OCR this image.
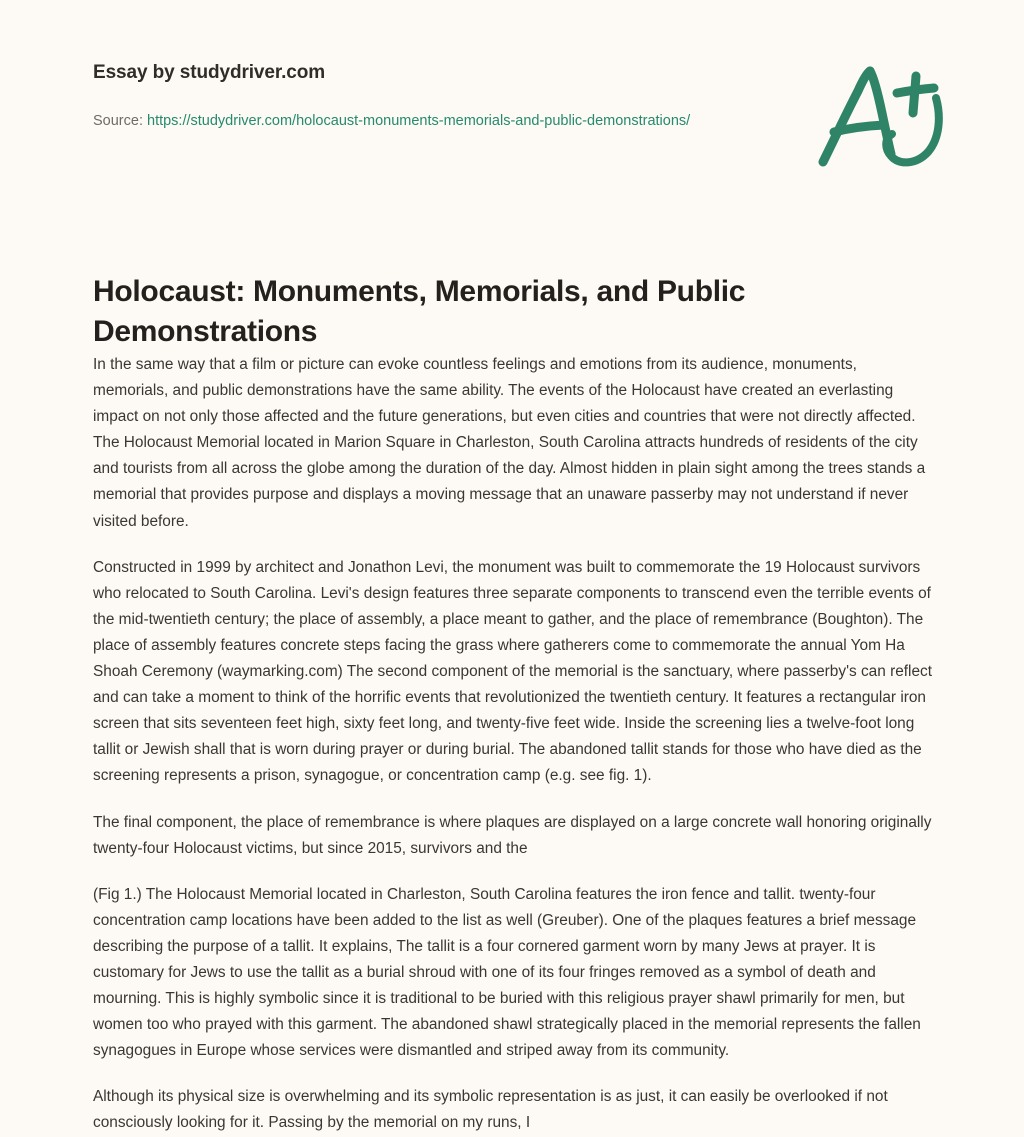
Essay by studydriver.com
Source: https://studydriver.com/holocaust-monuments-memorials-and-public-demonstrations/
Holocaust: Monuments, Memorials, and Public Demonstrations

In the same way that a film or picture can evoke countless feelings and emotions from its audience, monuments, memorials, and public demonstrations have the same ability. The events of the Holocaust have created an everlasting impact on not only those affected and the future generations, but even cities and countries that were not directly affected. The Holocaust Memorial located in Marion Square in Charleston, South Carolina attracts hundreds of residents of the city and tourists from all across the globe among the duration of the day. Almost hidden in plain sight among the trees stands a memorial that provides purpose and displays a moving message that an unaware passerby may not understand if never visited before.

Constructed in 1999 by architect and Jonathon Levi, the monument was built to commemorate the 19 Holocaust survivors who relocated to South Carolina. Levi's design features three separate components to transcend even the terrible events of the mid-twentieth century; the place of assembly, a place meant to gather, and the place of remembrance (Boughton). The place of assembly features concrete steps facing the grass where gatherers come to commemorate the annual Yom Ha Shoah Ceremony (waymarking.com) The second component of the memorial is the sanctuary, where passerby's can reflect and can take a moment to think of the horrific events that revolutionized the twentieth century. It features a rectangular iron screen that sits seventeen feet high, sixty feet long, and twenty-five feet wide. Inside the screening lies a twelve-foot long tallit or Jewish shall that is worn during prayer or during burial. The abandoned tallit stands for those who have died as the screening represents a prison, synagogue, or concentration camp (e.g. see fig. 1).

The final component, the place of remembrance is where plaques are displayed on a large concrete wall honoring originally twenty-four Holocaust victims, but since 2015, survivors and the

(Fig 1.) The Holocaust Memorial located in Charleston, South Carolina features the iron fence and tallit. twenty-four concentration camp locations have been added to the list as well (Greuber). One of the plaques features a brief message describing the purpose of a tallit. It explains, The tallit is a four cornered garment worn by many Jews at prayer. It is customary for Jews to use the tallit as a burial shroud with one of its four fringes removed as a symbol of death and mourning. This is highly symbolic since it is traditional to be buried with this religious prayer shawl primarily for men, but women too who prayed with this garment. The abandoned shawl strategically placed in the memorial represents the fallen synagogues in Europe whose services were dismantled and striped away from its community.

Although its physical size is overwhelming and its symbolic representation is as just, it can easily be overlooked if not consciously looking for it. Passing by the memorial on my runs, I
